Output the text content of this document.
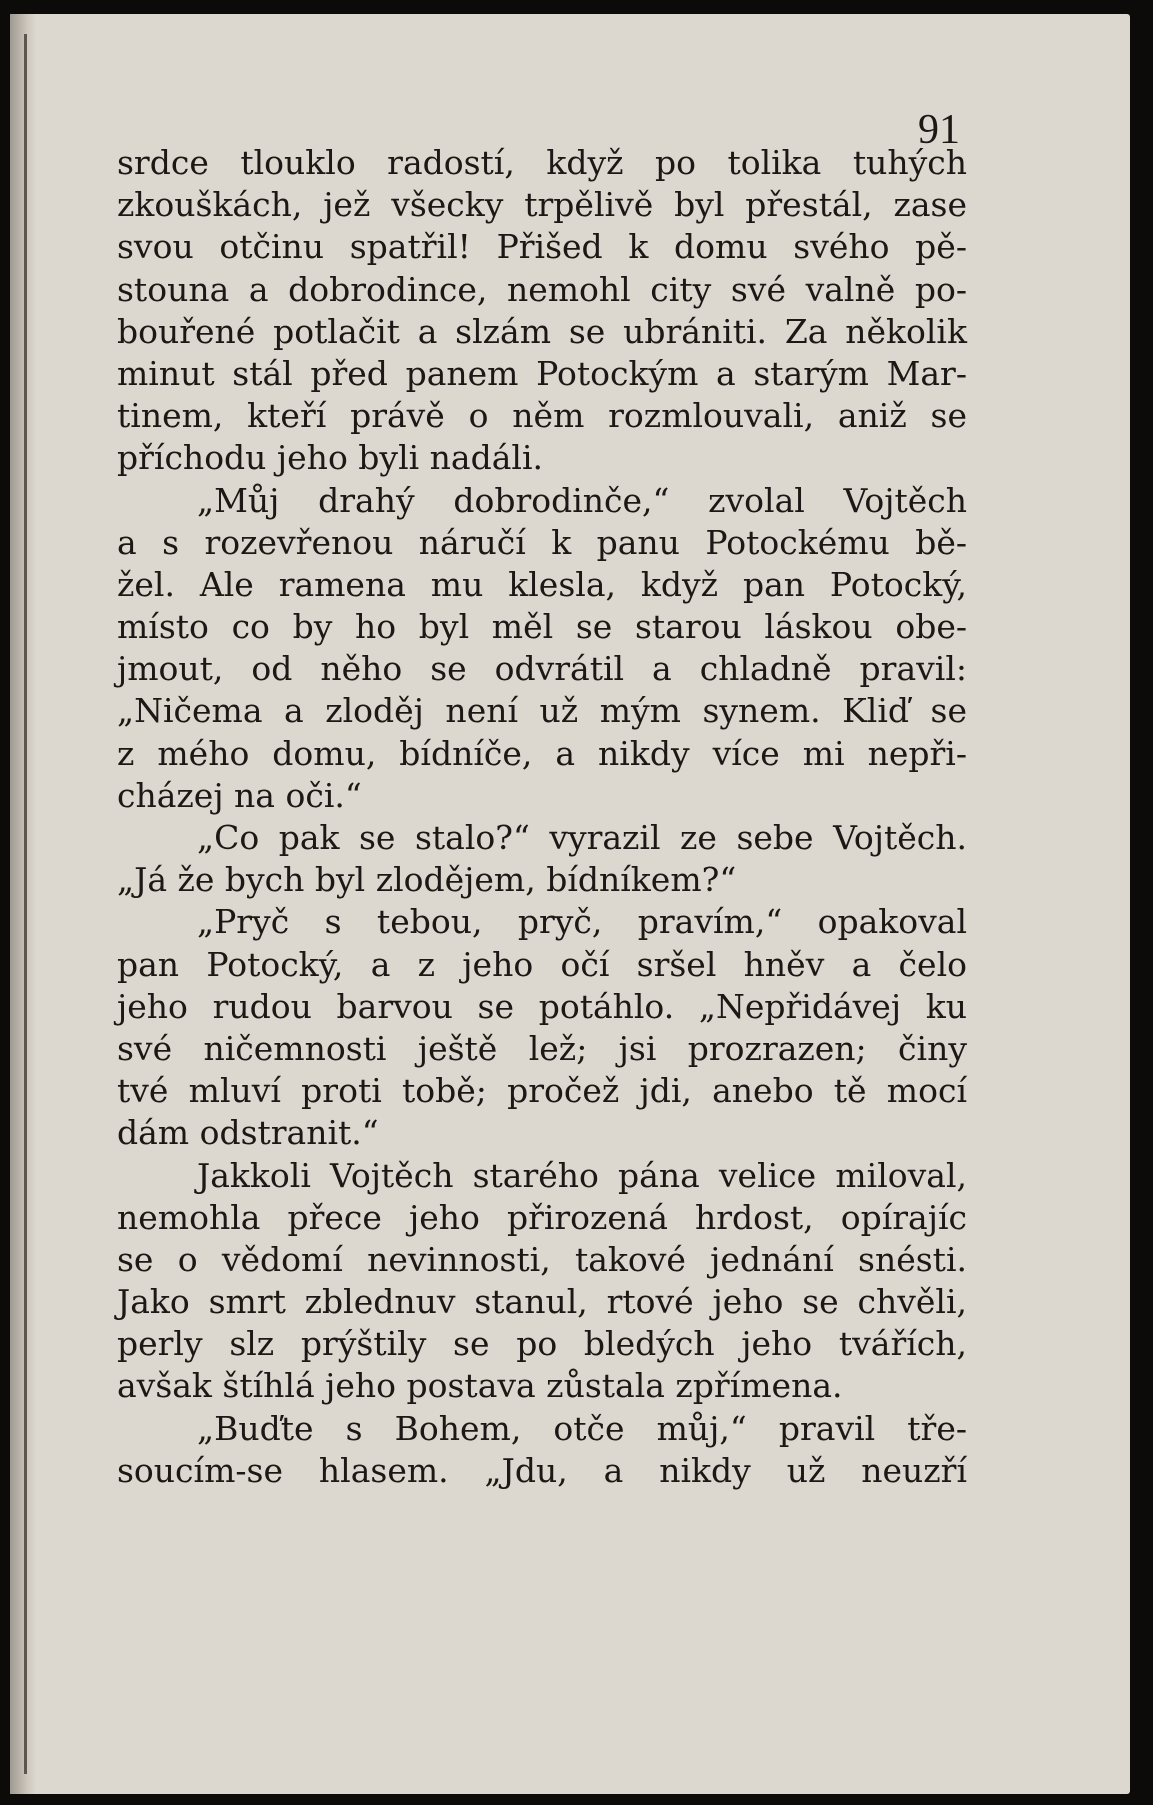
91
srdce tlouklo radostí, když po tolika tuhých
zkouškách, jež všecky trpělivě byl přestál, zase
svou otčinu spatřil! Přišed k domu svého pě-
stouna a dobrodince, nemohl city své valně po-
bouřené potlačit a slzám se ubrániti. Za několik
minut stál před panem Potockým a starým Mar-
tinem, kteří právě o něm rozmlouvali, aniž se
příchodu jeho byli nadáli.
„Můj drahý dobrodinče,“ zvolal Vojtěch
a s rozevřenou náručí k panu Potockému bě-
žel. Ale ramena mu klesla, když pan Potocký,
místo co by ho byl měl se starou láskou obe-
jmout, od něho se odvrátil a chladně pravil:
„Ničema a zloděj není už mým synem. Kliď se
z mého domu, bídníče, a nikdy více mi nepři-
cházej na oči.“
„Co pak se stalo?“ vyrazil ze sebe Vojtěch.
„Já že bych byl zlodějem, bídníkem?“
„Pryč s tebou, pryč, pravím,“ opakoval
pan Potocký, a z jeho očí sršel hněv a čelo
jeho rudou barvou se potáhlo. „Nepřidávej ku
své ničemnosti ještě lež; jsi prozrazen; činy
tvé mluví proti tobě; pročež jdi, anebo tě mocí
dám odstranit.“
Jakkoli Vojtěch starého pána velice miloval,
nemohla přece jeho přirozená hrdost, opírajíc
se o vědomí nevinnosti, takové jednání snésti.
Jako smrt zblednuv stanul, rtové jeho se chvěli,
perly slz prýštily se po bledých jeho tvářích,
avšak štíhlá jeho postava zůstala zpřímena.
„Buďte s Bohem, otče můj,“ pravil tře-
soucím-se hlasem. „Jdu, a nikdy už neuzří
